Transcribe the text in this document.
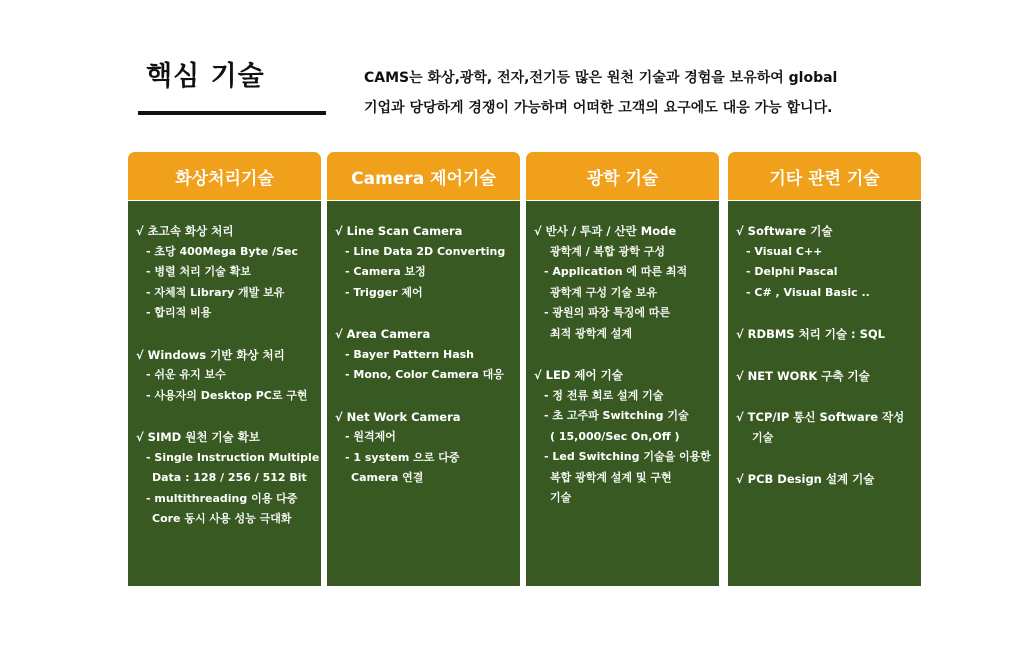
핵심 기술	CAMS는 화상,광학, 전자,전기등 많은 원천 기술과 경험을 보유하여 global
기업과 당당하게 경쟁이 가능하며 어떠한 고객의 요구에도 대응 가능 합니다.
화상처리기술
√ 초고속 화상 처리
- 초당 400Mega Byte /Sec
- 병렬 처리 기술 확보
- 자체적 Library 개발 보유
- 합리적 비용
√ Windows 기반 화상 처리
- 쉬운 유지 보수
- 사용자의 Desktop PC로 구현
√ SIMD 원천 기술 확보
- Single Instruction Multiple
Data : 128 / 256 / 512 Bit
- multithreading 이용 다중
Core 동시 사용 성능 극대화
Camera 제어기술
√ Line Scan Camera
- Line Data 2D Converting
- Camera 보정
- Trigger 제어
√ Area Camera
- Bayer Pattern Hash
- Mono, Color Camera 대응
√ Net Work Camera
- 원격제어
- 1 system 으로 다중
Camera 연결
광학 기술
√ 반사 / 투과 / 산란 Mode
광학계 / 복합 광학 구성
- Application 에 따른 최적
광학계 구성 기술 보유
- 광원의 파장 특징에 따른
최적 광학계 설계
√ LED 제어 기술
- 정 전류 회로 설계 기술
- 초 고주파 Switching 기술
( 15,000/Sec On,Off )
- Led Switching 기술을 이용한
복합 광학계 설계 및 구현
기술
기타 관련 기술
√ Software 기술
- Visual C++
- Delphi Pascal
- C# , Visual Basic ..
√ RDBMS 처리 기술 : SQL
√ NET WORK 구축 기술
√ TCP/IP 통신 Software 작성
기술
√ PCB Design 설계 기술
